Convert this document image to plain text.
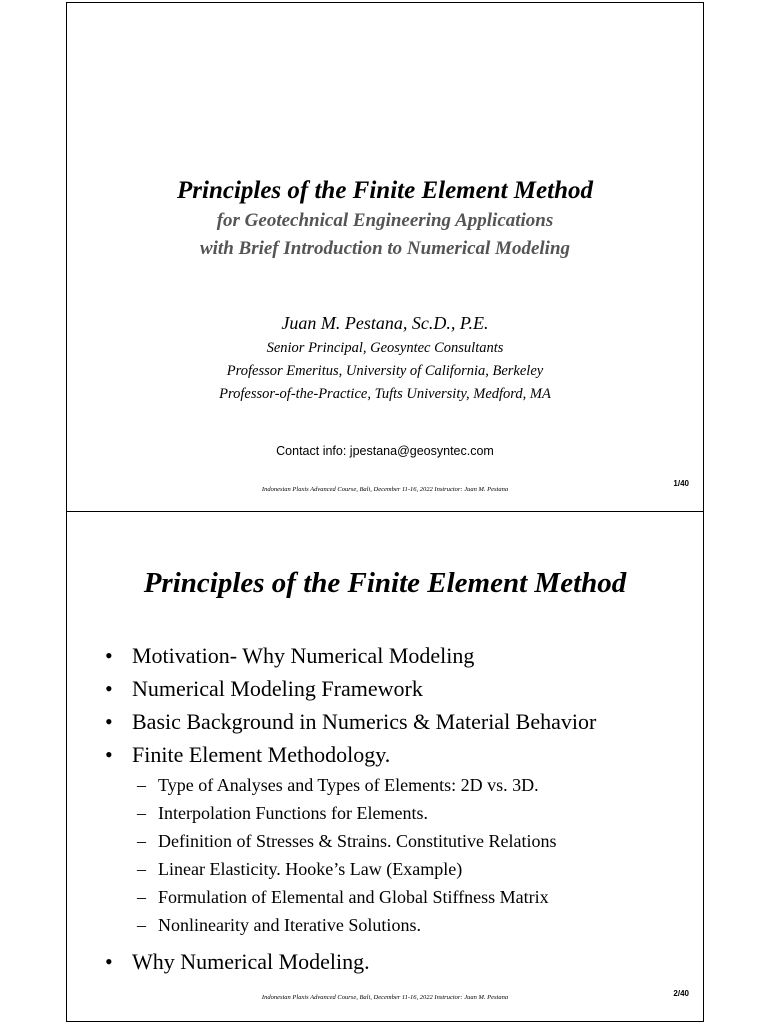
Principles of the Finite Element Method
for Geotechnical Engineering Applications
with Brief Introduction to Numerical Modeling
Juan M. Pestana, Sc.D., P.E.
Senior Principal, Geosyntec Consultants
Professor Emeritus, University of California, Berkeley
Professor-of-the-Practice, Tufts University, Medford, MA
Contact info: jpestana@geosyntec.com
Indonesian Plaxis Advanced Course, Bali, December 11-16, 2022 Instructor: Juan M. Pestana
1/40
Principles of the Finite Element Method
• Motivation- Why Numerical Modeling
• Numerical Modeling Framework
• Basic Background in Numerics & Material Behavior
• Finite Element Methodology.
– Type of Analyses and Types of Elements: 2D vs. 3D.
– Interpolation Functions for Elements.
– Definition of Stresses & Strains. Constitutive Relations
– Linear Elasticity. Hooke’s Law (Example)
– Formulation of Elemental and Global Stiffness Matrix
– Nonlinearity and Iterative Solutions.
• Why Numerical Modeling.
Indonesian Plaxis Advanced Course, Bali, December 11-16, 2022 Instructor: Juan M. Pestana	2/40
